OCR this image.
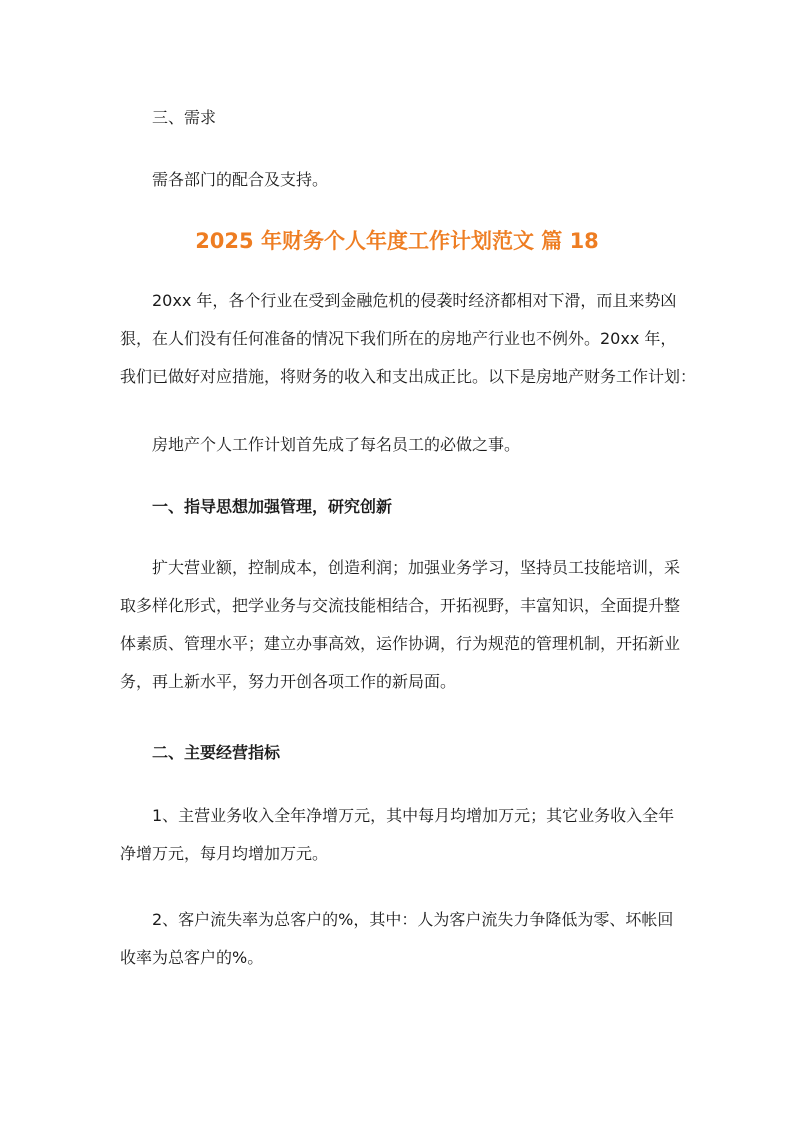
三、需求

需各部门的配合及支持。

2025 年财务个人年度工作计划范文 篇 18

20xx 年，各个行业在受到金融危机的侵袭时经济都相对下滑，而且来势凶
狠，在人们没有任何准备的情况下我们所在的房地产行业也不例外。20xx 年，
我们已做好对应措施，将财务的收入和支出成正比。以下是房地产财务工作计划：

房地产个人工作计划首先成了每名员工的必做之事。

一、指导思想加强管理，研究创新

扩大营业额，控制成本，创造利润；加强业务学习，坚持员工技能培训，采
取多样化形式，把学业务与交流技能相结合，开拓视野，丰富知识，全面提升整
体素质、管理水平；建立办事高效，运作协调，行为规范的管理机制，开拓新业
务，再上新水平，努力开创各项工作的新局面。

二、主要经营指标

1、主营业务收入全年净增万元，其中每月均增加万元；其它业务收入全年
净增万元，每月均增加万元。

2、客户流失率为总客户的%，其中：人为客户流失力争降低为零、坏帐回
收率为总客户的%。
